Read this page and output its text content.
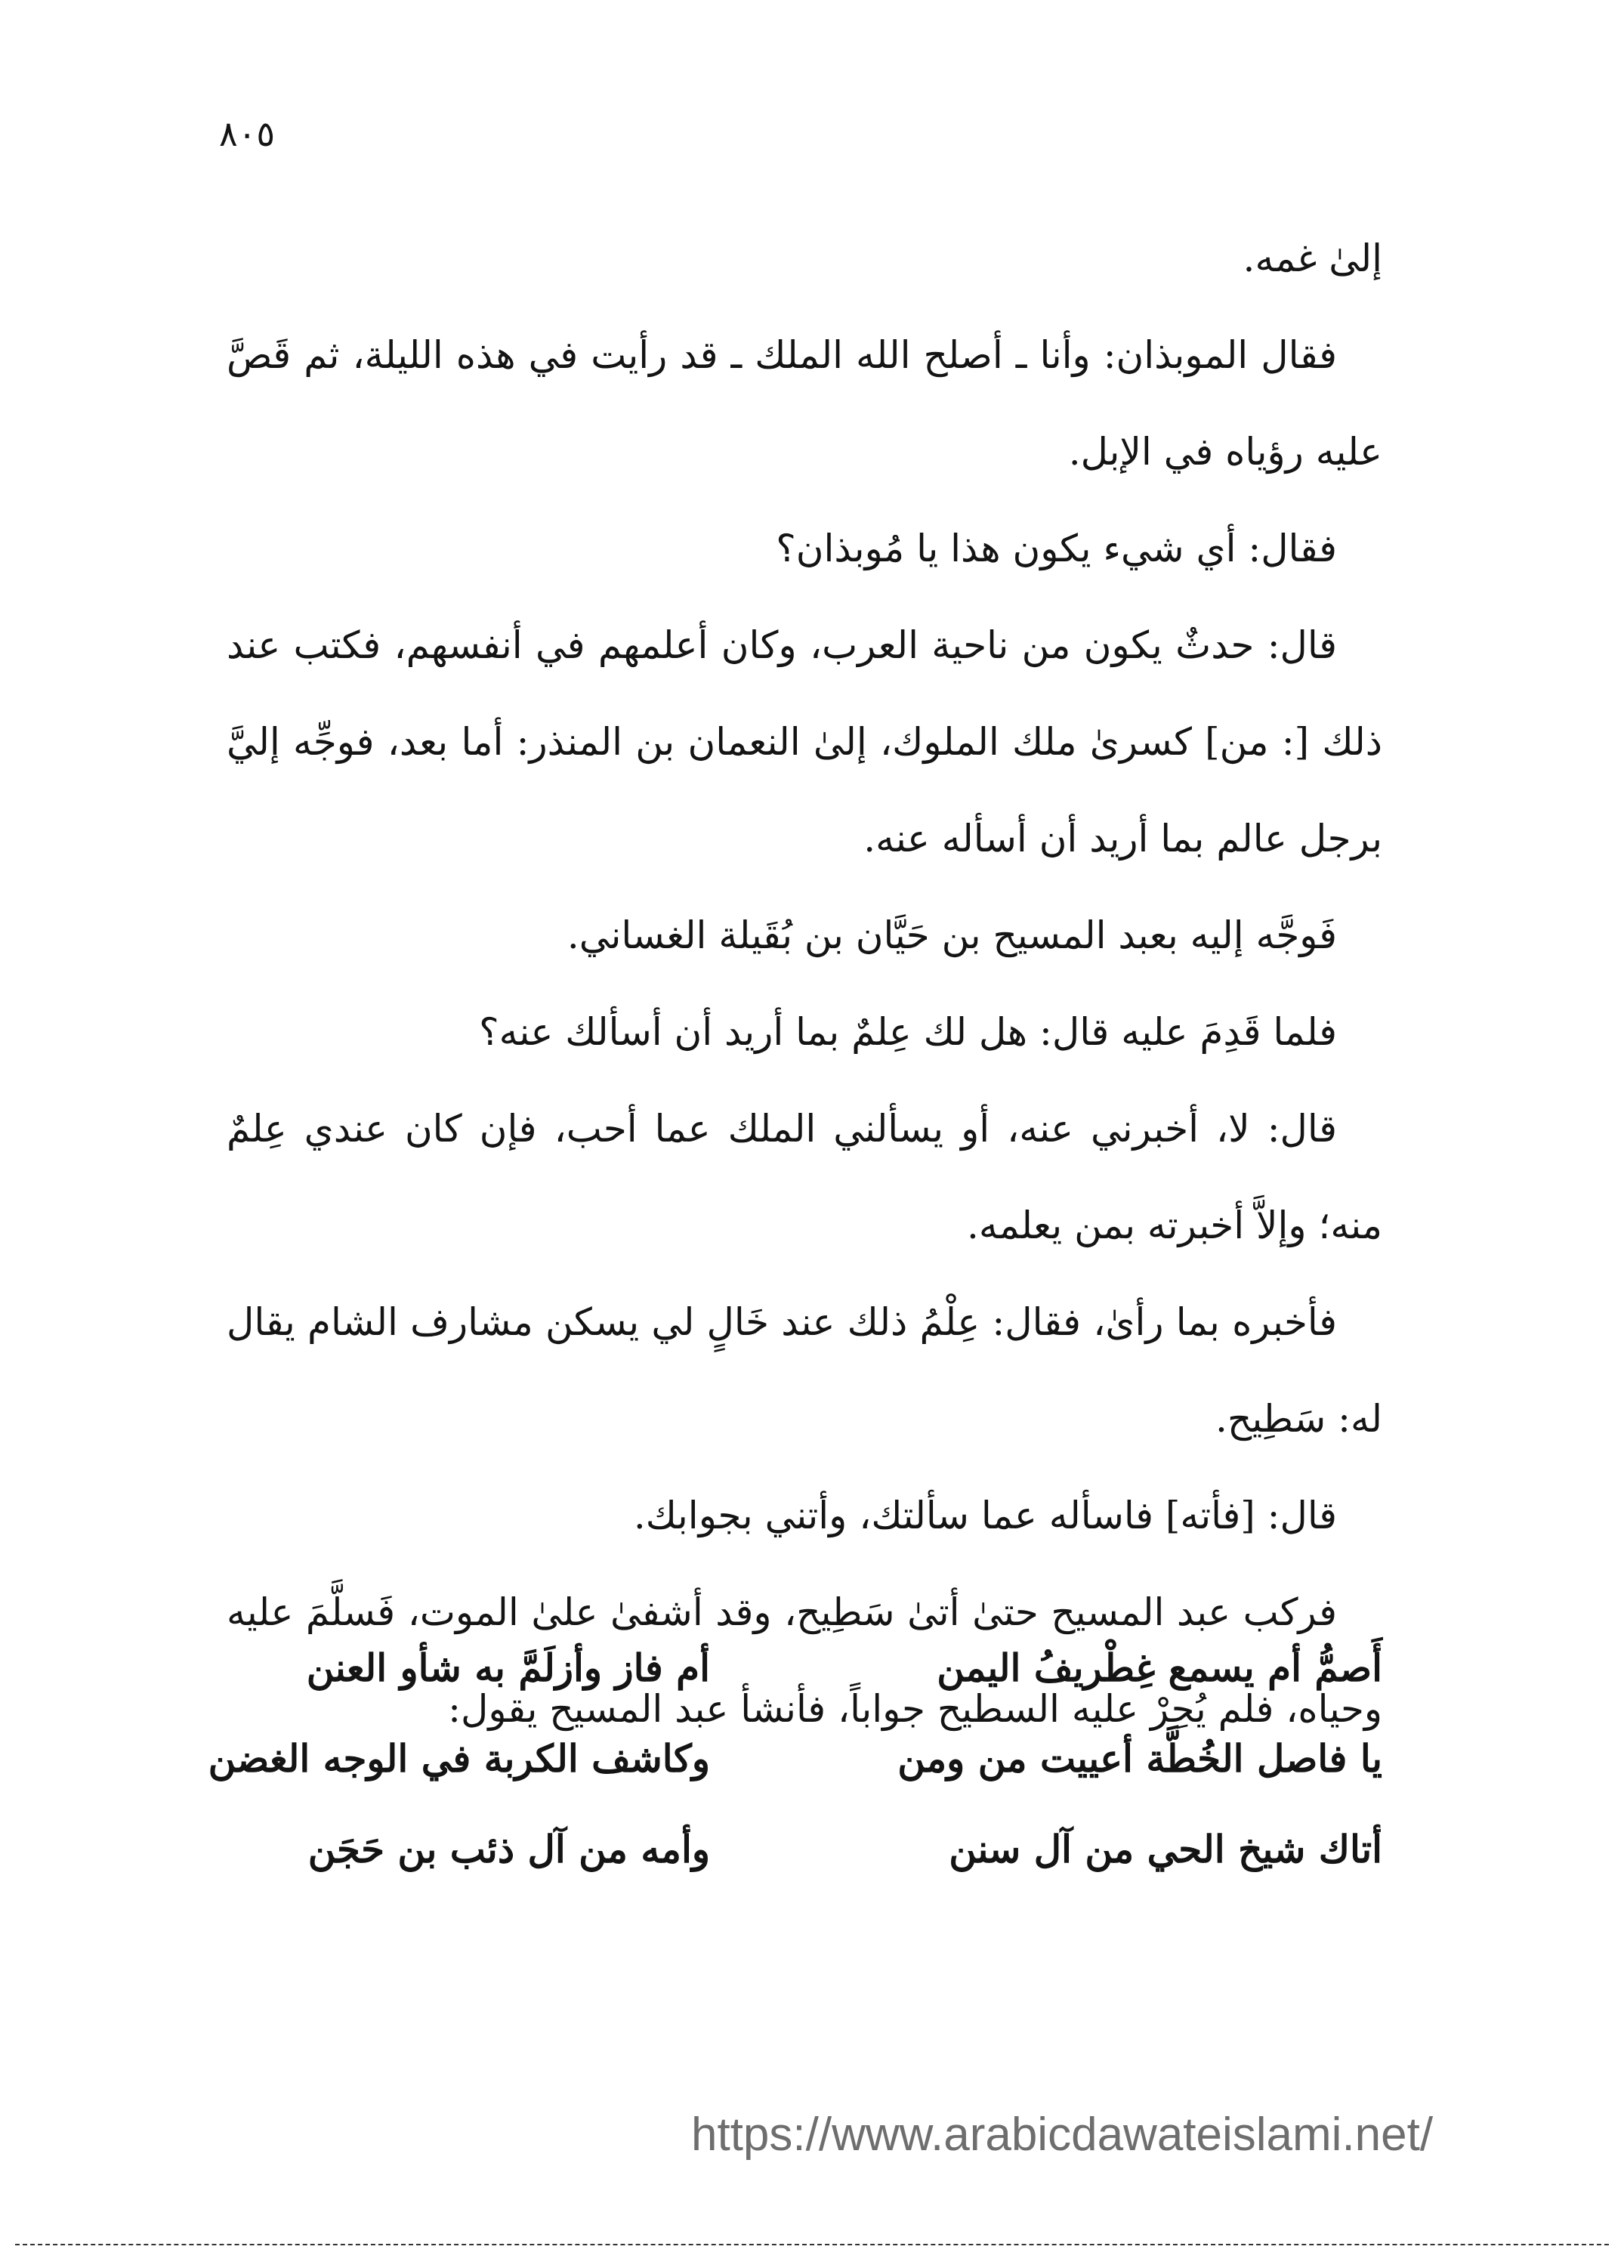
٨٠٥

إلىٰ غمه.

فقال الموبذان: وأنا ـ أصلح الله الملك ـ قد رأيت في هذه الليلة، ثم قَصَّ عليه رؤياه في الإبل.

فقال: أي شيء يكون هذا يا مُوبذان؟

قال: حدثٌ يكون من ناحية العرب، وكان أعلمهم في أنفسهم، فكتب عند ذلك [: من] كسرىٰ ملك الملوك، إلىٰ النعمان بن المنذر: أما بعد، فوجِّه إليَّ برجل عالم بما أريد أن أسأله عنه.

فَوجَّه إليه بعبد المسيح بن حَيَّان بن بُقَيلة الغساني.

فلما قَدِمَ عليه قال: هل لك عِلمٌ بما أريد أن أسألك عنه؟

قال: لا، أخبرني عنه، أو يسألني الملك عما أحب، فإن كان عندي عِلمٌ منه؛ وإلاَّ أخبرته بمن يعلمه.

فأخبره بما رأىٰ، فقال: عِلْمُ ذلك عند خَالٍ لي يسكن مشارف الشام يقال له: سَطِيح.

قال: [فأته] فاسأله عما سألتك، وأتني بجوابك.

فركب عبد المسيح حتىٰ أتىٰ سَطِيح، وقد أشفىٰ علىٰ الموت، فَسلَّمَ عليه وحياه، فلم يُحِرْ عليه السطيح جواباً، فأنشأ عبد المسيح يقول:

أَصمُّ أم يسمع غِطْريفُ اليمن
أم فاز وأزلَمَّ به شأو العنن
يا فاصل الخُطَّة أعييت من ومن
وكاشف الكربة في الوجه الغضن
أتاك شيخ الحي من آل سنن
وأمه من آل ذئب بن حَجَن
https://www.arabicdawateislami.net/
